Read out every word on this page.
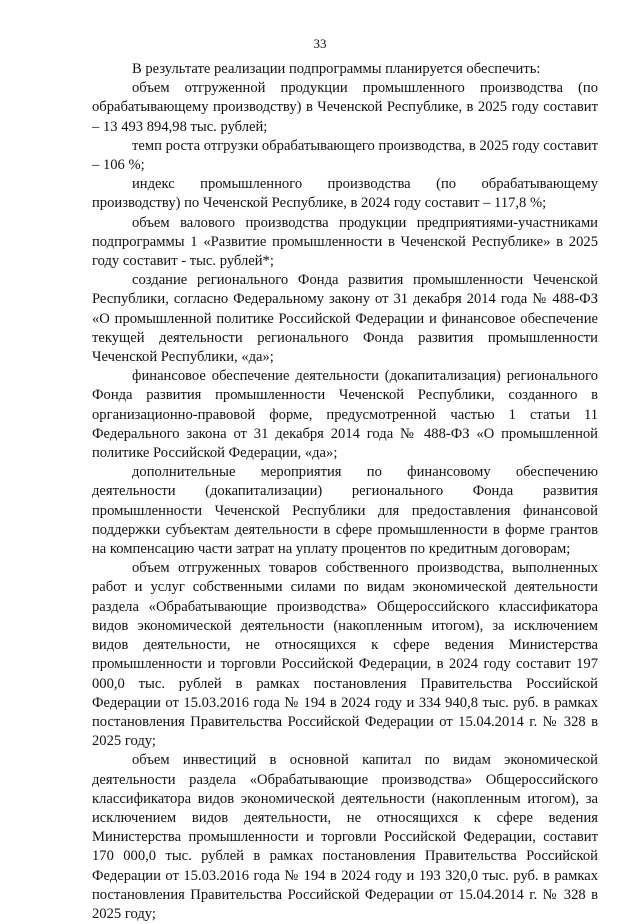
33

В результате реализации подпрограммы планируется обеспечить:

объем отгруженной продукции промышленного производства (по обрабатывающему производству) в Чеченской Республике, в 2025 году составит – 13 493 894,98 тыс. рублей;

темп роста отгрузки обрабатывающего производства, в 2025 году составит – 106 %;

индекс промышленного производства (по обрабатывающему производству) по Чеченской Республике, в 2024 году составит – 117,8 %;

объем валового производства продукции предприятиями-участниками подпрограммы 1 «Развитие промышленности в Чеченской Республике» в 2025 году составит - тыс. рублей*;

создание регионального Фонда развития промышленности Чеченской Республики, согласно Федеральному закону от 31 декабря 2014 года № 488-ФЗ «О промышленной политике Российской Федерации и финансовое обеспечение текущей деятельности регионального Фонда развития промышленности Чеченской Республики, «да»;

финансовое обеспечение деятельности (докапитализация) регионального Фонда развития промышленности Чеченской Республики, созданного в организационно-правовой форме, предусмотренной частью 1 статьи 11 Федерального закона от 31 декабря 2014 года № 488-ФЗ «О промышленной политике Российской Федерации, «да»;

дополнительные мероприятия по финансовому обеспечению деятельности (докапитализации) регионального Фонда развития промышленности Чеченской Республики для предоставления финансовой поддержки субъектам деятельности в сфере промышленности в форме грантов на компенсацию части затрат на уплату процентов по кредитным договорам;

объем отгруженных товаров собственного производства, выполненных работ и услуг собственными силами по видам экономической деятельности раздела «Обрабатывающие производства» Общероссийского классификатора видов экономической деятельности (накопленным итогом), за исключением видов деятельности, не относящихся к сфере ведения Министерства промышленности и торговли Российской Федерации, в 2024 году составит 197 000,0 тыс. рублей в рамках постановления Правительства Российской Федерации от 15.03.2016 года № 194 в 2024 году и 334 940,8 тыс. руб. в рамках постановления Правительства Российской Федерации от 15.04.2014 г. № 328 в 2025 году;

объем инвестиций в основной капитал по видам экономической деятельности раздела «Обрабатывающие производства» Общероссийского классификатора видов экономической деятельности (накопленным итогом), за исключением видов деятельности, не относящихся к сфере ведения Министерства промышленности и торговли Российской Федерации, составит 170 000,0 тыс. рублей в рамках постановления Правительства Российской Федерации от 15.03.2016 года № 194 в 2024 году и 193 320,0 тыс. руб. в рамках постановления Правительства Российской Федерации от 15.04.2014 г. № 328 в 2025 году;
